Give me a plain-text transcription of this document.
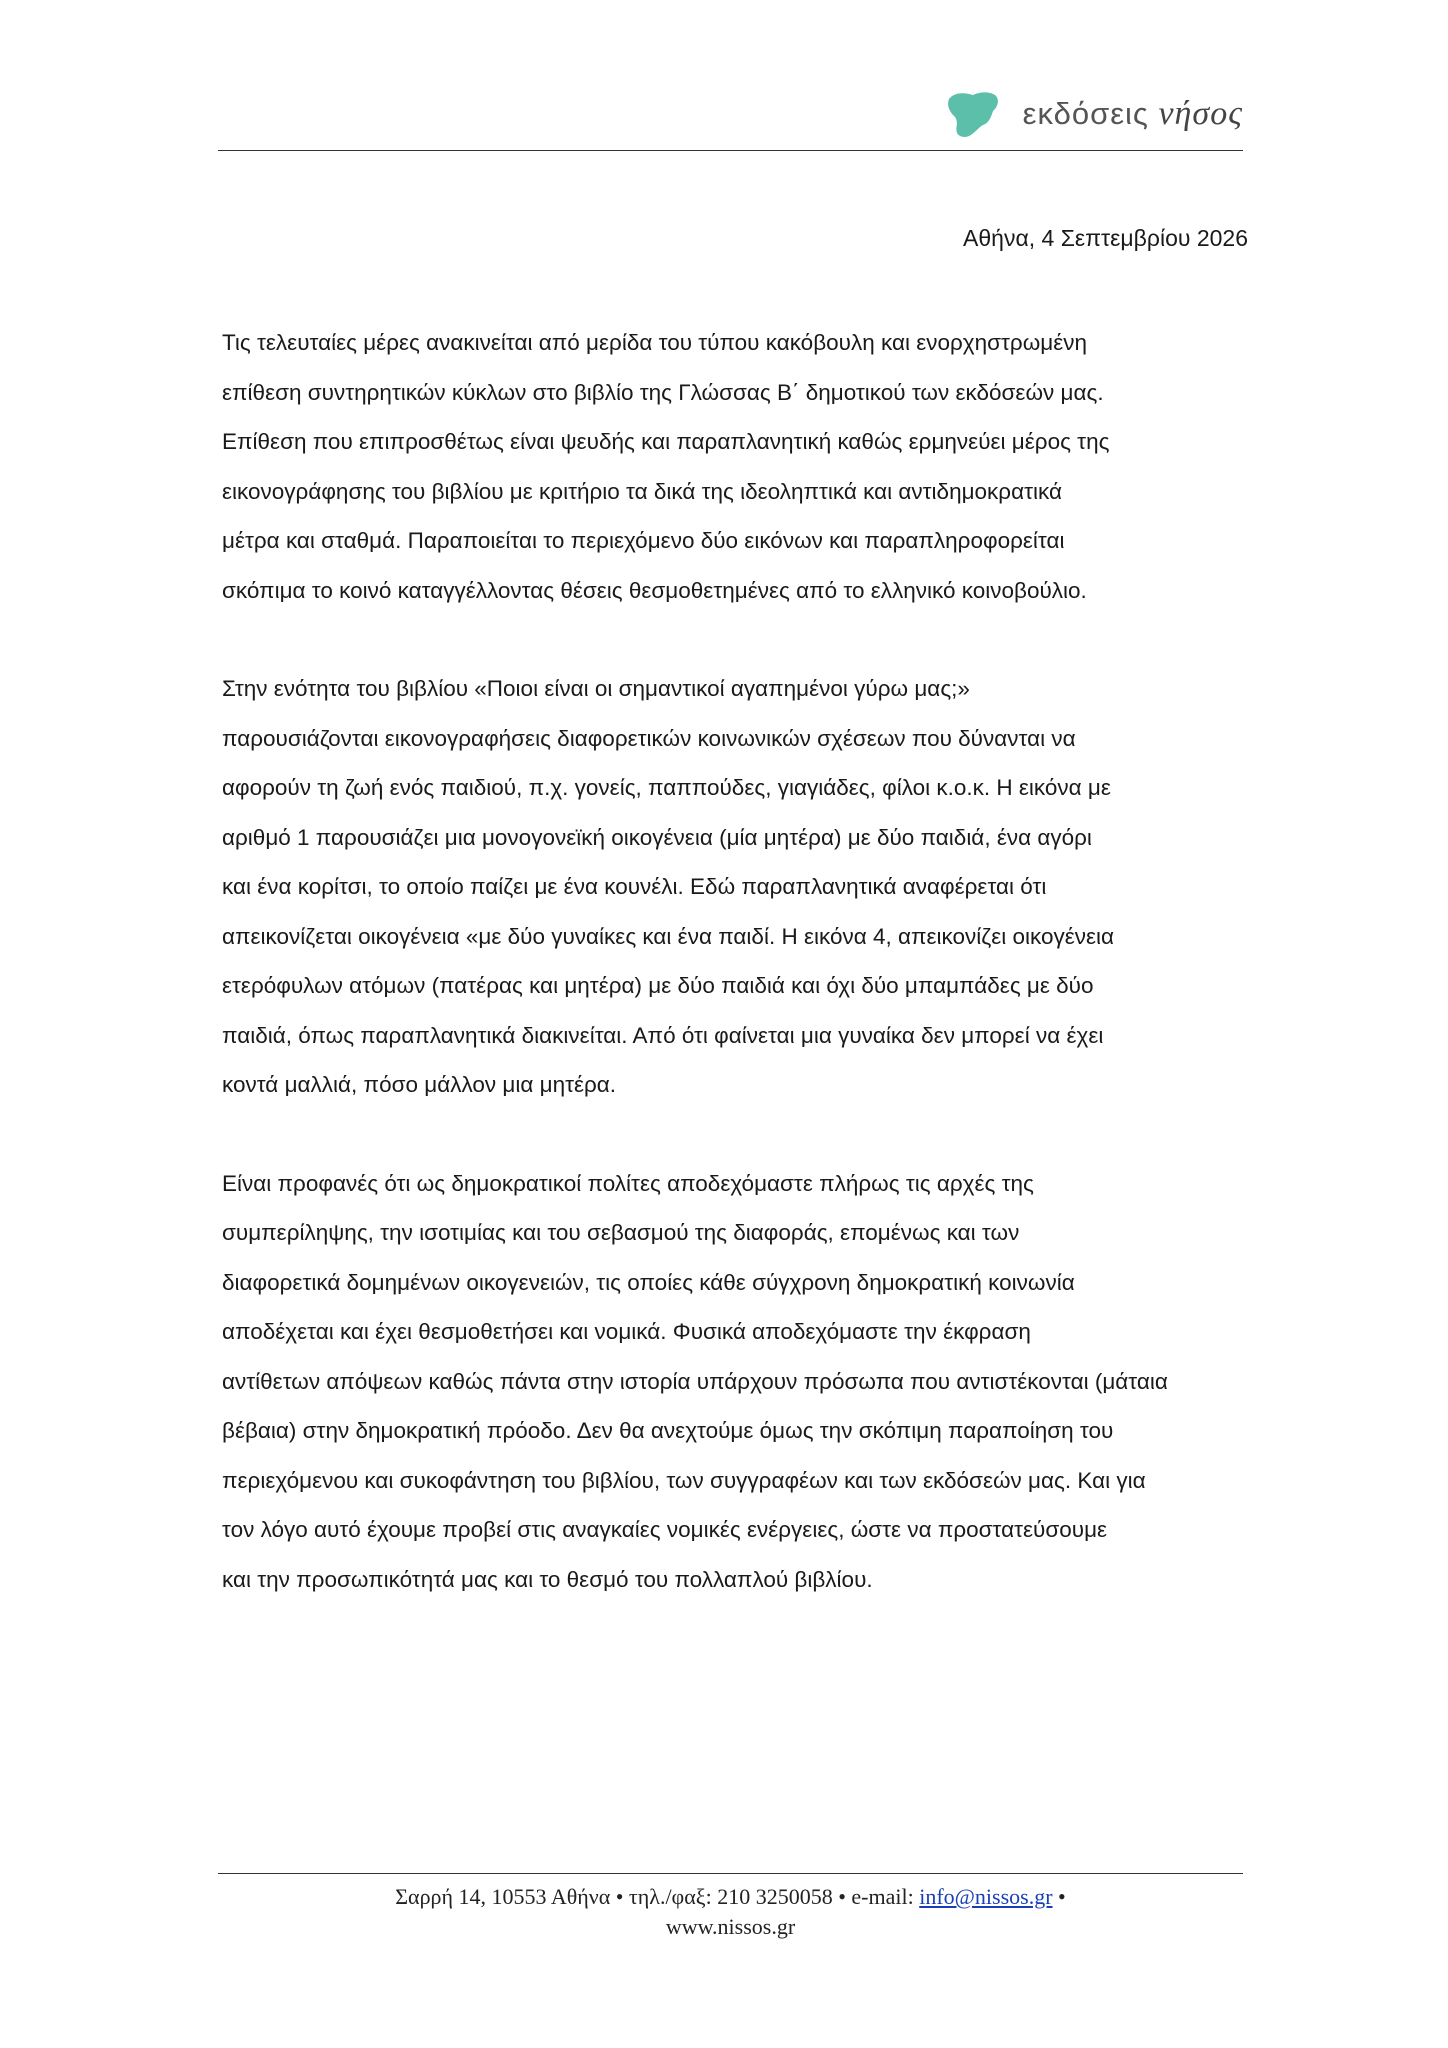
εκδόσεις νήσος
Αθήνα, 4 Σεπτεμβρίου 2026

Τις τελευταίες μέρες ανακινείται από μερίδα του τύπου κακόβουλη και ενορχηστρωμένη
επίθεση συντηρητικών κύκλων στο βιβλίο της Γλώσσας Β΄ δημοτικού των εκδόσεών μας.
Επίθεση που επιπροσθέτως είναι ψευδής και παραπλανητική καθώς ερμηνεύει μέρος της
εικονογράφησης του βιβλίου με κριτήριο τα δικά της ιδεοληπτικά και αντιδημοκρατικά
μέτρα και σταθμά. Παραποιείται το περιεχόμενο δύο εικόνων και παραπληροφορείται
σκόπιμα το κοινό καταγγέλλοντας θέσεις θεσμοθετημένες από το ελληνικό κοινοβούλιο.

Στην ενότητα του βιβλίου «Ποιοι είναι οι σημαντικοί αγαπημένοι γύρω μας;»
παρουσιάζονται εικονογραφήσεις διαφορετικών κοινωνικών σχέσεων που δύνανται να
αφορούν τη ζωή ενός παιδιού, π.χ. γονείς, παππούδες, γιαγιάδες, φίλοι κ.ο.κ. Η εικόνα με
αριθμό 1 παρουσιάζει μια μονογονεϊκή οικογένεια (μία μητέρα) με δύο παιδιά, ένα αγόρι
και ένα κορίτσι, το οποίο παίζει με ένα κουνέλι. Εδώ παραπλανητικά αναφέρεται ότι
απεικονίζεται οικογένεια «με δύο γυναίκες και ένα παιδί. Η εικόνα 4, απεικονίζει οικογένεια
ετερόφυλων ατόμων (πατέρας και μητέρα) με δύο παιδιά και όχι δύο μπαμπάδες με δύο
παιδιά, όπως παραπλανητικά διακινείται. Από ότι φαίνεται μια γυναίκα δεν μπορεί να έχει
κοντά μαλλιά, πόσο μάλλον μια μητέρα.

Είναι προφανές ότι ως δημοκρατικοί πολίτες αποδεχόμαστε πλήρως τις αρχές της
συμπερίληψης, την ισοτιμίας και του σεβασμού της διαφοράς, επομένως και των
διαφορετικά δομημένων οικογενειών, τις οποίες κάθε σύγχρονη δημοκρατική κοινωνία
αποδέχεται και έχει θεσμοθετήσει και νομικά. Φυσικά αποδεχόμαστε την έκφραση
αντίθετων απόψεων καθώς πάντα στην ιστορία υπάρχουν πρόσωπα που αντιστέκονται (μάταια
βέβαια) στην δημοκρατική πρόοδο. Δεν θα ανεχτούμε όμως την σκόπιμη παραποίηση του
περιεχόμενου και συκοφάντηση του βιβλίου, των συγγραφέων και των εκδόσεών μας. Και για
τον λόγο αυτό έχουμε προβεί στις αναγκαίες νομικές ενέργειες, ώστε να προστατεύσουμε
και την προσωπικότητά μας και το θεσμό του πολλαπλού βιβλίου.

Σαρρή 14, 10553 Αθήνα • τηλ./φαξ: 210 3250058 • e-mail: info@nissos.gr •
www.nissos.gr
